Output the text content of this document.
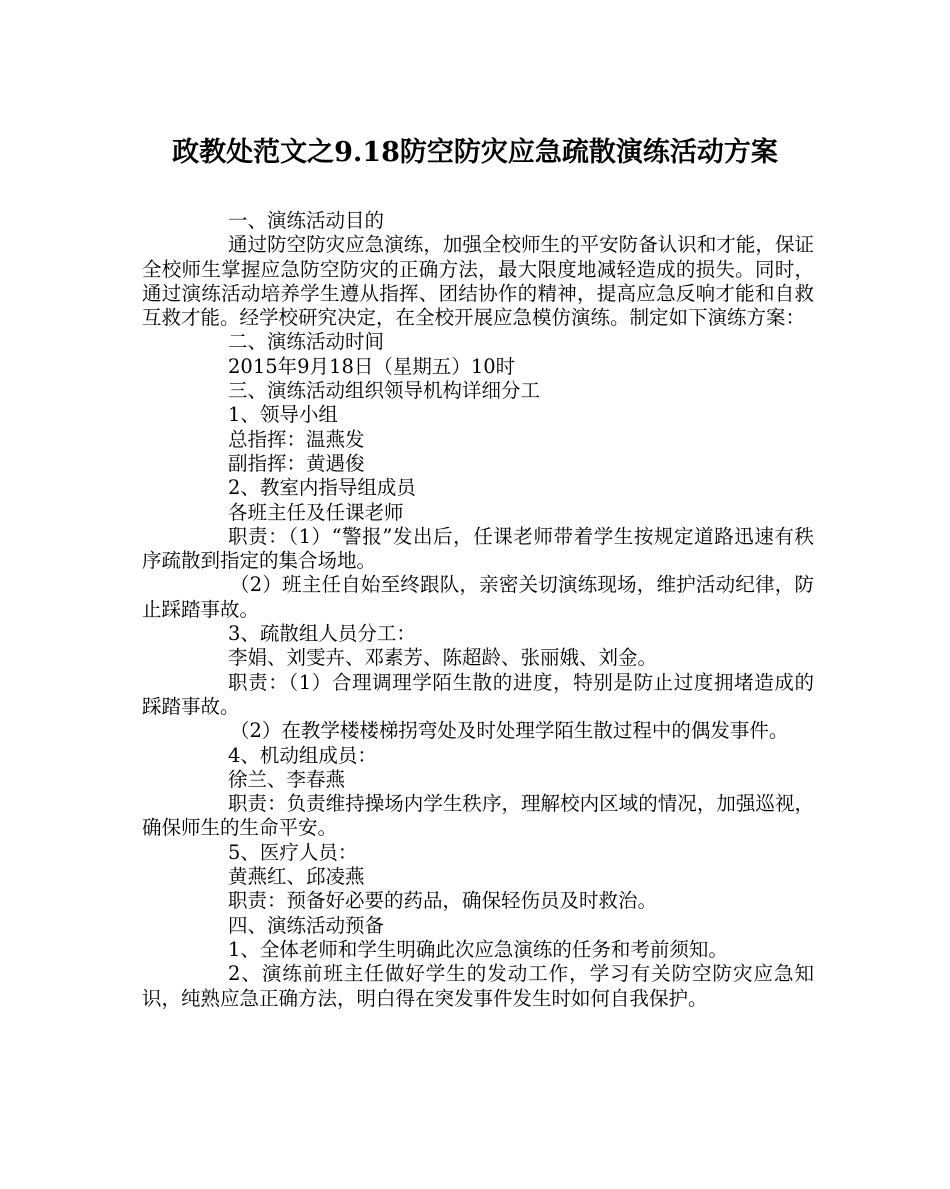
政教处范文之9.18防空防灾应急疏散演练活动方案

一、演练活动目的

通过防空防灾应急演练，加强全校师生的平安防备认识和才能，保证全校师生掌握应急防空防灾的正确方法，最大限度地减轻造成的损失。同时，通过演练活动培养学生遵从指挥、团结协作的精神，提高应急反响才能和自救互救才能。经学校研究决定，在全校开展应急模仿演练。制定如下演练方案：

二、演练活动时间

2015年9月18日（星期五）10时

三、演练活动组织领导机构详细分工

1、领导小组

总指挥：温燕发

副指挥：黄遇俊

2、教室内指导组成员

各班主任及任课老师

职责：（1）“警报”发出后，任课老师带着学生按规定道路迅速有秩序疏散到指定的集合场地。

（2）班主任自始至终跟队，亲密关切演练现场，维护活动纪律，防止踩踏事故。

3、疏散组人员分工：

李娟、刘雯卉、邓素芳、陈超龄、张丽娥、刘金。

职责：（1）合理调理学陌生散的进度，特别是防止过度拥堵造成的踩踏事故。

（2）在教学楼楼梯拐弯处及时处理学陌生散过程中的偶发事件。

4、机动组成员：

徐兰、李春燕

职责：负责维持操场内学生秩序，理解校内区域的情况，加强巡视，确保师生的生命平安。

5、医疗人员：

黄燕红、邱凌燕

职责：预备好必要的药品，确保轻伤员及时救治。

四、演练活动预备

1、全体老师和学生明确此次应急演练的任务和考前须知。

2、演练前班主任做好学生的发动工作，学习有关防空防灾应急知识，纯熟应急正确方法，明白得在突发事件发生时如何自我保护。
